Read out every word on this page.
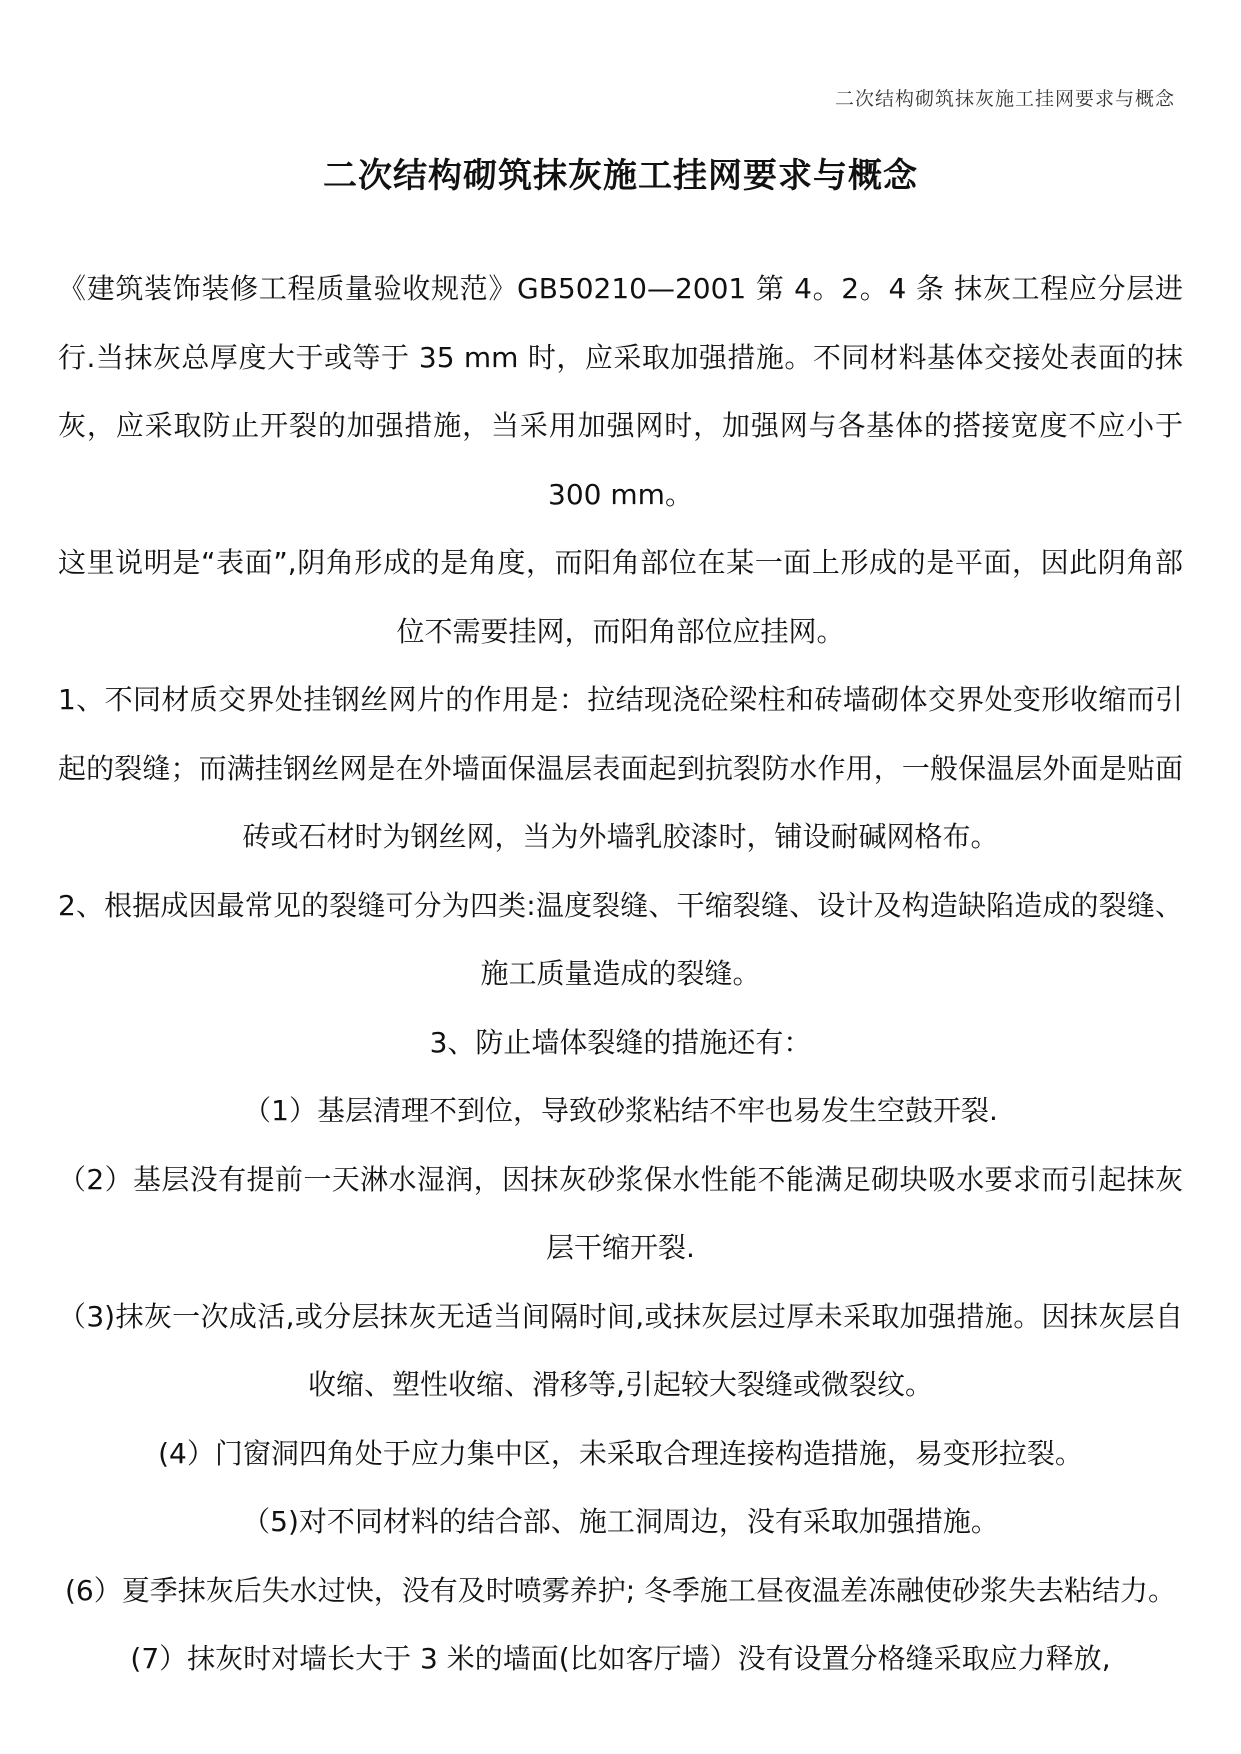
二次结构砌筑抹灰施工挂网要求与概念
二次结构砌筑抹灰施工挂网要求与概念

《建筑装饰装修工程质量验收规范》GB50210—2001 第 4。2。4 条 抹灰工程应分层进行.当抹灰总厚度大于或等于 35 mm 时，应采取加强措施。不同材料基体交接处表面的抹灰，应采取防止开裂的加强措施，当采用加强网时，加强网与各基体的搭接宽度不应小于 300 mm。

这里说明是“表面”,阴角形成的是角度，而阳角部位在某一面上形成的是平面，因此阴角部位不需要挂网，而阳角部位应挂网。

1、不同材质交界处挂钢丝网片的作用是：拉结现浇砼梁柱和砖墙砌体交界处变形收缩而引起的裂缝；而满挂钢丝网是在外墙面保温层表面起到抗裂防水作用，一般保温层外面是贴面砖或石材时为钢丝网，当为外墙乳胶漆时，铺设耐碱网格布。

2、根据成因最常见的裂缝可分为四类:温度裂缝、干缩裂缝、设计及构造缺陷造成的裂缝、施工质量造成的裂缝。

3、防止墙体裂缝的措施还有：

（1）基层清理不到位，导致砂浆粘结不牢也易发生空鼓开裂.

（2）基层没有提前一天淋水湿润，因抹灰砂浆保水性能不能满足砌块吸水要求而引起抹灰层干缩开裂.

（3)抹灰一次成活,或分层抹灰无适当间隔时间,或抹灰层过厚未采取加强措施。因抹灰层自收缩、塑性收缩、滑移等,引起较大裂缝或微裂纹。

(4）门窗洞四角处于应力集中区，未采取合理连接构造措施，易变形拉裂。

（5)对不同材料的结合部、施工洞周边，没有采取加强措施。

(6）夏季抹灰后失水过快，没有及时喷雾养护; 冬季施工昼夜温差冻融使砂浆失去粘结力。

(7）抹灰时对墙长大于 3 米的墙面(比如客厅墙）没有设置分格缝采取应力释放,
